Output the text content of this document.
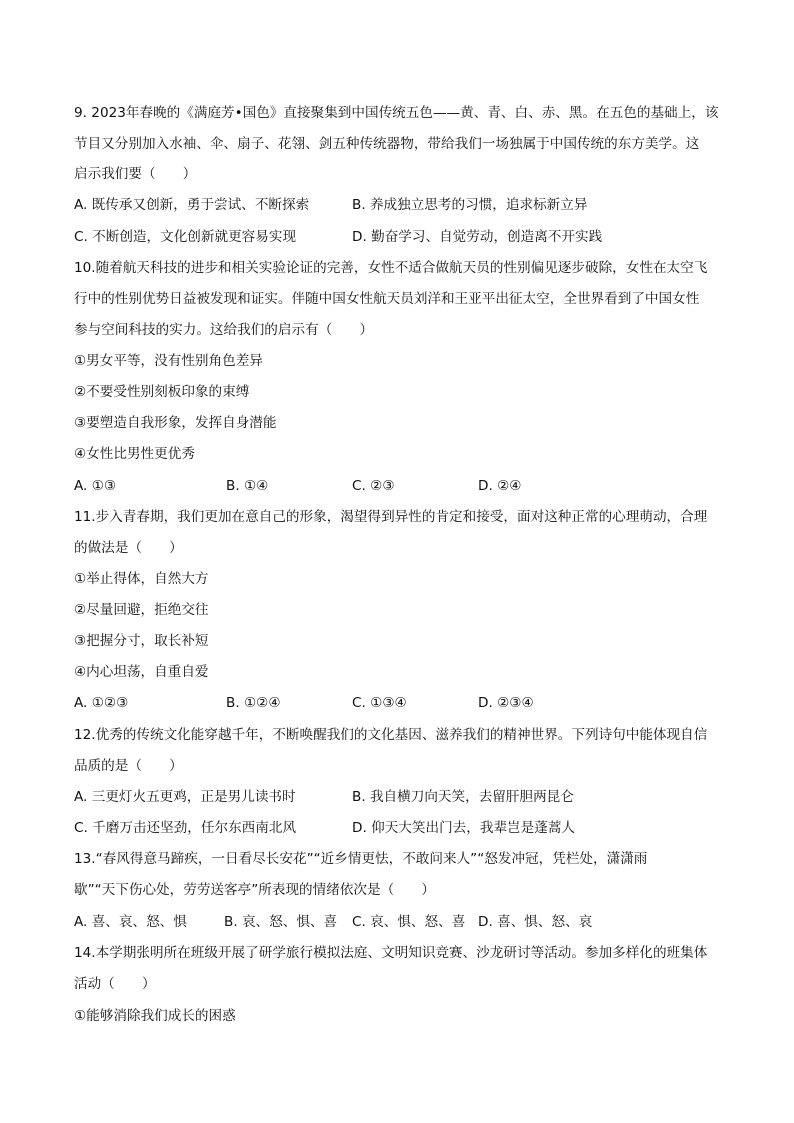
9. 2023年春晚的《满庭芳•国色》直接聚集到中国传统五色——黄、青、白、赤、黑。在五色的基础上，该
节目又分别加入水袖、伞、扇子、花翎、剑五种传统器物，带给我们一场独属于中国传统的东方美学。这
启示我们要（　　）
A. 既传承又创新，勇于尝试、不断探索	B. 养成独立思考的习惯，追求标新立异
C. 不断创造，文化创新就更容易实现	D. 勤奋学习、自觉劳动，创造离不开实践
10.随着航天科技的进步和相关实验论证的完善，女性不适合做航天员的性别偏见逐步破除，女性在太空飞
行中的性别优势日益被发现和证实。伴随中国女性航天员刘洋和王亚平出征太空，全世界看到了中国女性
参与空间科技的实力。这给我们的启示有（　　）
①男女平等，没有性别角色差异
②不要受性别刻板印象的束缚
③要塑造自我形象，发挥自身潜能
④女性比男性更优秀
A. ①③	B. ①④	C. ②③	D. ②④
11.步入青春期，我们更加在意自己的形象，渴望得到异性的肯定和接受，面对这种正常的心理萌动，合理
的做法是（　　）
①举止得体，自然大方
②尽量回避，拒绝交往
③把握分寸，取长补短
④内心坦荡，自重自爱
A. ①②③	B. ①②④	C. ①③④	D. ②③④
12.优秀的传统文化能穿越千年，不断唤醒我们的文化基因、滋养我们的精神世界。下列诗句中能体现自信
品质的是（　　）
A. 三更灯火五更鸡，正是男儿读书时	B. 我自横刀向天笑，去留肝胆两昆仑
C. 千磨万击还坚劲，任尔东西南北风	D. 仰天大笑出门去，我辈岂是蓬蒿人
13.“春风得意马蹄疾，一日看尽长安花”“近乡情更怯，不敢问来人”“怒发冲冠，凭栏处，潇潇雨
歇”“天下伤心处，劳劳送客亭”所表现的情绪依次是（　　）
A. 喜、哀、怒、惧	B. 哀、怒、惧、喜 C. 哀、惧、怒、喜 D. 喜、惧、怒、哀
14.本学期张明所在班级开展了研学旅行模拟法庭、文明知识竞赛、沙龙研讨等活动。参加多样化的班集体
活动（　　）
①能够消除我们成长的困惑
